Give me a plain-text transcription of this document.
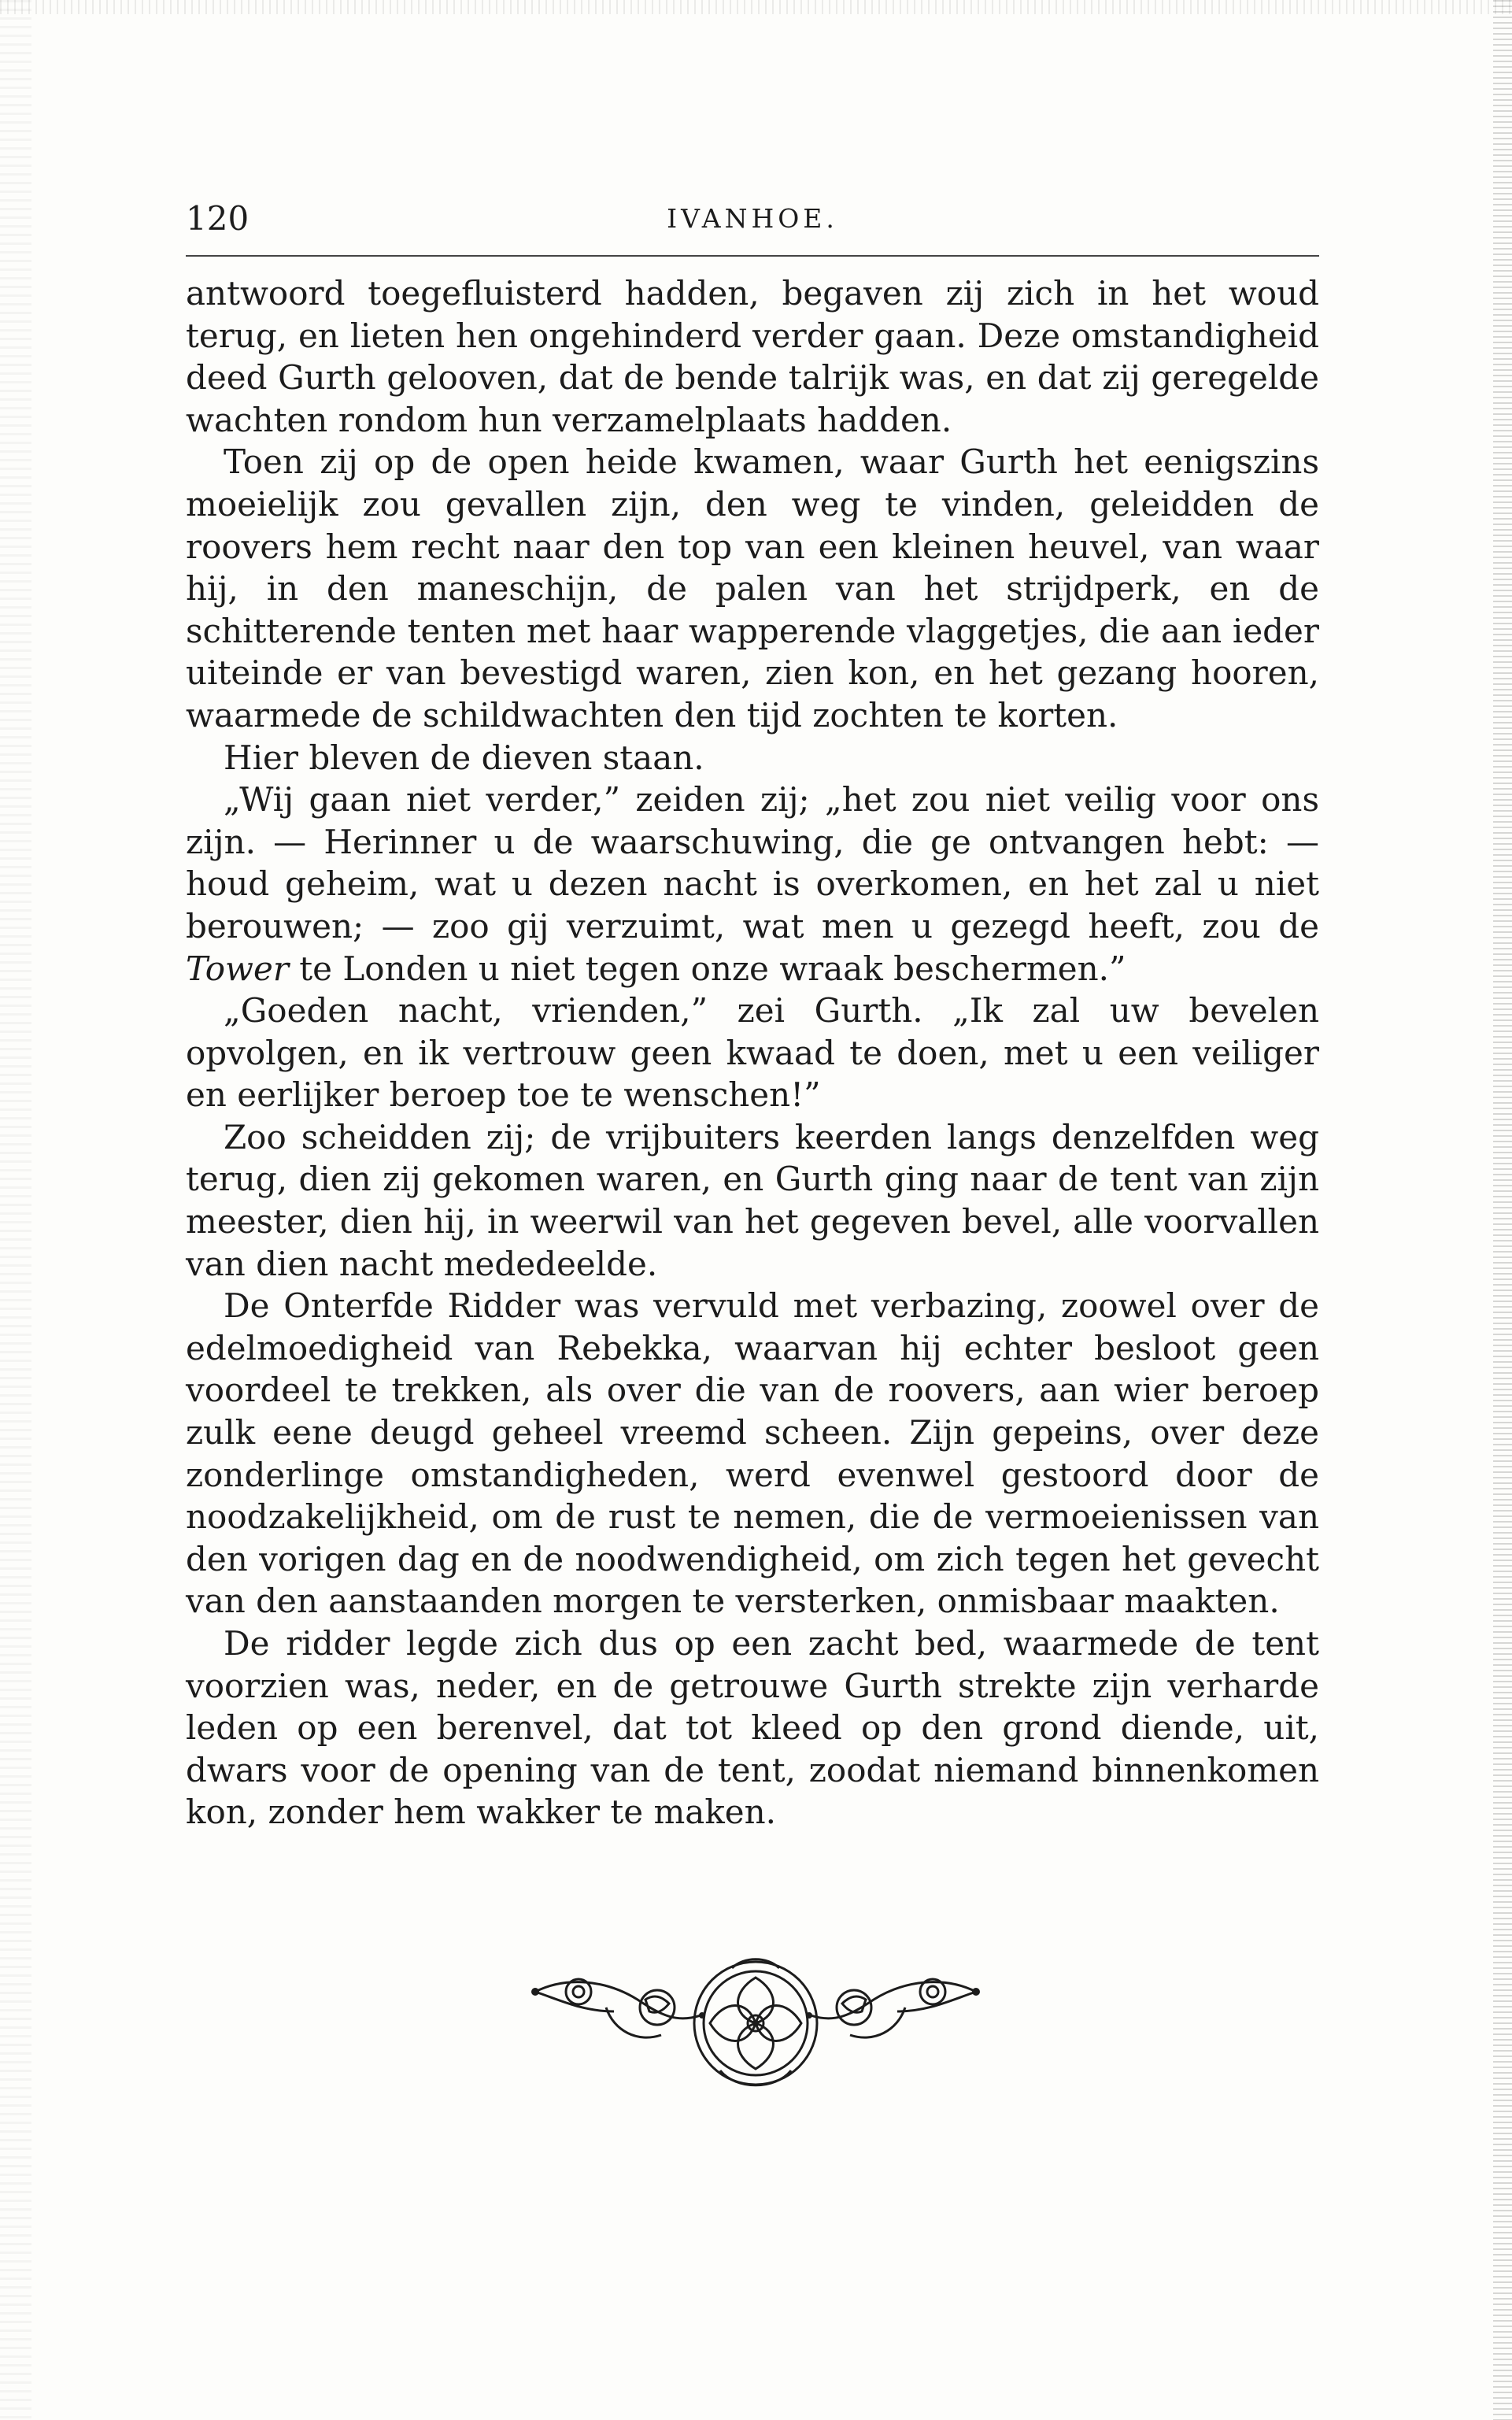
120	IVANHOE.

antwoord toegefluisterd hadden, begaven zij zich in het woud terug, en lieten hen ongehinderd verder gaan. Deze omstandigheid deed Gurth gelooven, dat de bende talrijk was, en dat zij geregelde wachten rondom hun verzamelplaats hadden.

Toen zij op de open heide kwamen, waar Gurth het eenigszins moeielijk zou gevallen zijn, den weg te vinden, geleidden de roovers hem recht naar den top van een kleinen heuvel, van waar hij, in den maneschijn, de palen van het strijdperk, en de schitterende tenten met haar wapperende vlaggetjes, die aan ieder uiteinde er van bevestigd waren, zien kon, en het gezang hooren, waarmede de schildwachten den tijd zochten te korten.

Hier bleven de dieven staan.

„Wij gaan niet verder,” zeiden zij; „het zou niet veilig voor ons zijn. — Herinner u de waarschuwing, die ge ontvangen hebt: — houd geheim, wat u dezen nacht is overkomen, en het zal u niet berouwen; — zoo gij verzuimt, wat men u gezegd heeft, zou de Tower te Londen u niet tegen onze wraak beschermen.”

„Goeden nacht, vrienden,” zei Gurth. „Ik zal uw bevelen opvolgen, en ik vertrouw geen kwaad te doen, met u een veiliger en eerlijker beroep toe te wenschen!”

Zoo scheidden zij; de vrijbuiters keerden langs denzelfden weg terug, dien zij gekomen waren, en Gurth ging naar de tent van zijn meester, dien hij, in weerwil van het gegeven bevel, alle voorvallen van dien nacht mededeelde.

De Onterfde Ridder was vervuld met verbazing, zoowel over de edelmoedigheid van Rebekka, waarvan hij echter besloot geen voordeel te trekken, als over die van de roovers, aan wier beroep zulk eene deugd geheel vreemd scheen. Zijn gepeins, over deze zonderlinge omstandigheden, werd evenwel gestoord door de noodzakelijkheid, om de rust te nemen, die de vermoeienissen van den vorigen dag en de noodwendigheid, om zich tegen het gevecht van den aanstaanden morgen te versterken, onmisbaar maakten.

De ridder legde zich dus op een zacht bed, waarmede de tent voorzien was, neder, en de getrouwe Gurth strekte zijn verharde leden op een berenvel, dat tot kleed op den grond diende, uit, dwars voor de opening van de tent, zoodat niemand binnenkomen kon, zonder hem wakker te maken.
